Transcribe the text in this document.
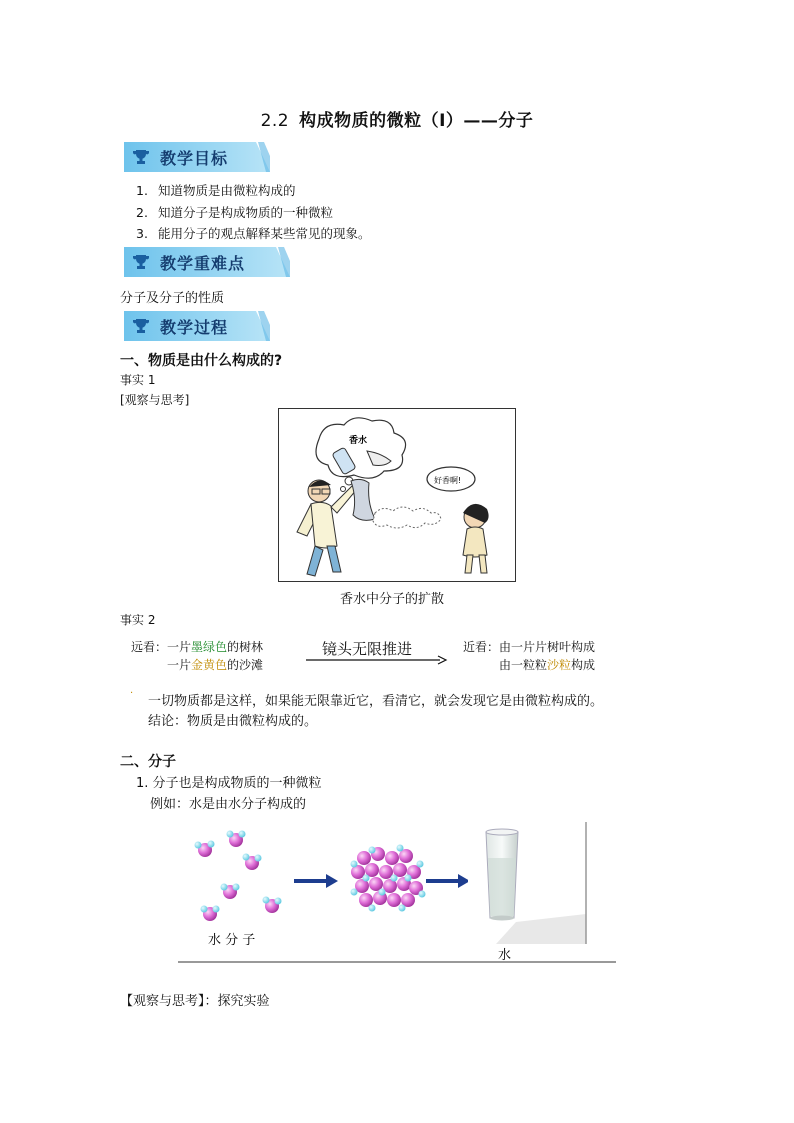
2.2 构成物质的微粒（I）——分子
教学目标
1. 知道物质是由微粒构成的
2. 知道分子是构成物质的一种微粒
3. 能用分子的观点解释某些常见的现象。
教学重难点
分子及分子的性质
教学过程
一、物质是由什么构成的?
事实 1
[观察与思考]
香水
好香啊!
香水中分子的扩散
事实 2
远看：一片墨绿色的树林
一片金黄色的沙滩
镜头无限推进	近看：由一片片树叶构成
由一粒粒沙粒构成
·
一切物质都是这样，如果能无限靠近它，看清它，就会发现它是由微粒构成的。
结论：物质是由微粒构成的。
二、分子
1. 分子也是构成物质的一种微粒
例如：水是由水分子构成的
水 分 子
水
【观察与思考】：探究实验
